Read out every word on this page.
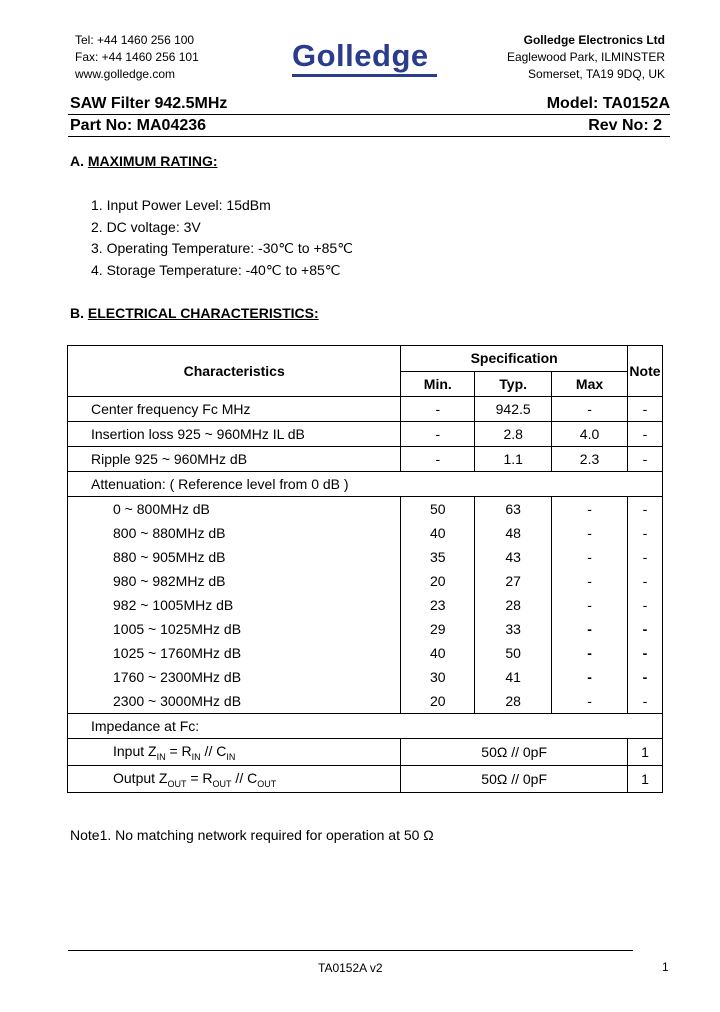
Tel: +44 1460 256 100
Fax: +44 1460 256 101
www.golledge.com
Golledge	Golledge Electronics Ltd
Eaglewood Park, ILMINSTER
Somerset, TA19 9DQ, UK
SAW Filter 942.5MHz	Model: TA0152A
Part No: MA04236	Rev No: 2
A. MAXIMUM RATING:
1. Input Power Level: 15dBm
2. DC voltage: 3V
3. Operating Temperature: -30℃ to +85℃
4. Storage Temperature: -40℃ to +85℃
B. ELECTRICAL CHARACTERISTICS:
Characteristics	Specification			Note
	Min.	Typ.	Max	
Center frequency Fc MHz	-	942.5	-	-
Insertion loss 925 ~ 960MHz IL dB	-	2.8	4.0	-
Ripple 925 ~ 960MHz dB	-	1.1	2.3	-
Attenuation: ( Reference level from 0 dB )				
0 ~ 800MHz dB	50	63	-	-
800 ~ 880MHz dB	40	48	-	-
880 ~ 905MHz dB	35	43	-	-
980 ~ 982MHz dB	20	27	-	-
982 ~ 1005MHz dB	23	28	-	-
1005 ~ 1025MHz dB	29	33	-	-
1025 ~ 1760MHz dB	40	50	-	-
1760 ~ 2300MHz dB	30	41	-	-
2300 ~ 3000MHz dB	20	28	-	-
Impedance at Fc:				
Input $Z_{IN} = R_{IN} // C_{IN}$	50Ω // 0pF			1
Output $Z_{OUT} = R_{OUT} // C_{OUT}$	50Ω // 0pF			1
Note1. No matching network required for operation at 50 Ω
TA0152A v2	1
